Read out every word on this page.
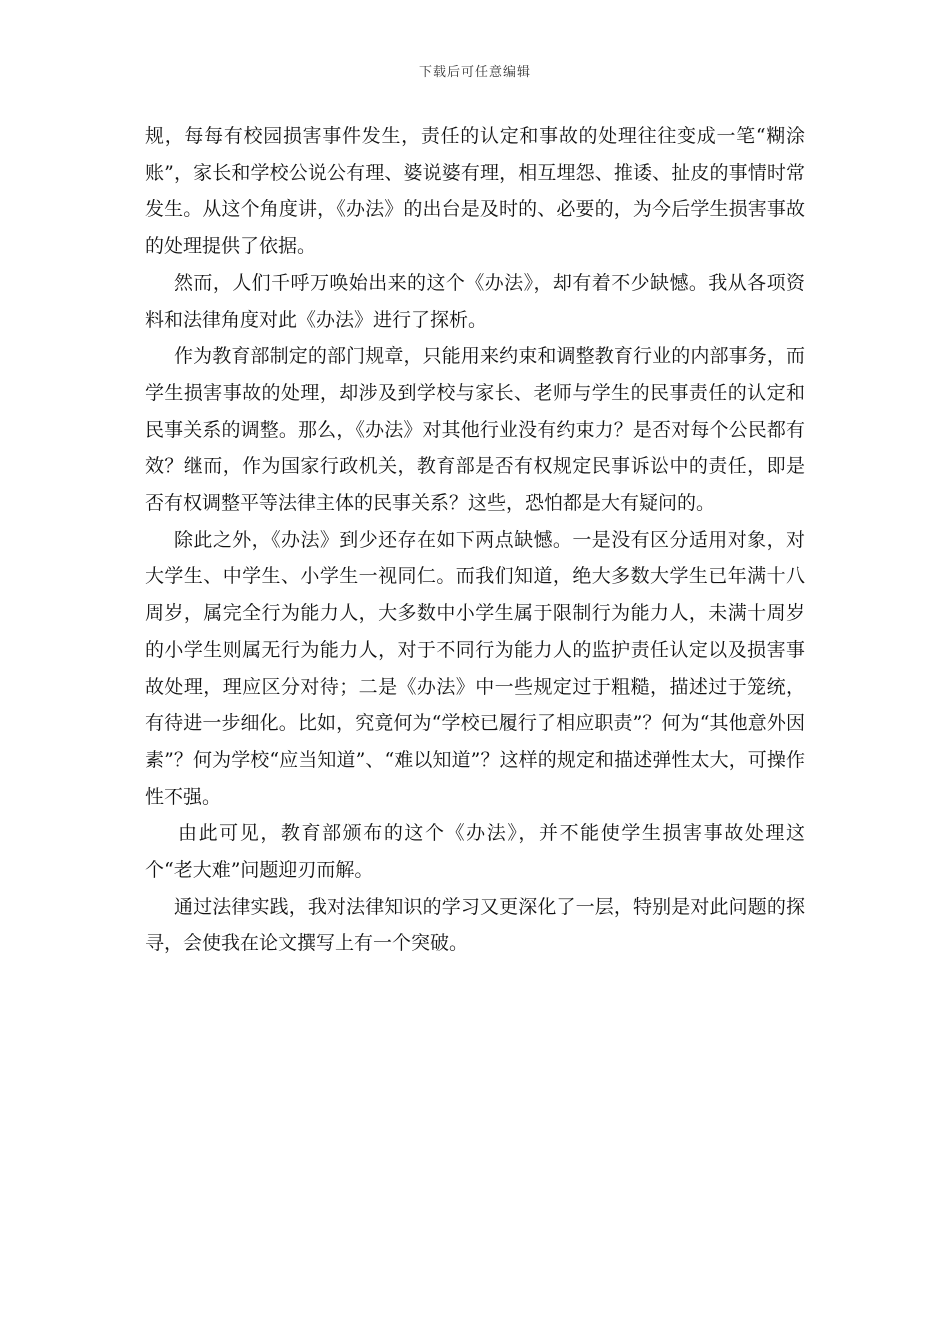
下载后可任意编辑

规，每每有校园损害事件发生，责任的认定和事故的处理往往变成一笔“糊涂账”，家长和学校公说公有理、婆说婆有理，相互埋怨、推诿、扯皮的事情时常发生。从这个角度讲，《办法》的出台是及时的、必要的，为今后学生损害事故的处理提供了依据。

然而，人们千呼万唤始出来的这个《办法》，却有着不少缺憾。我从各项资料和法律角度对此《办法》进行了探析。

作为教育部制定的部门规章，只能用来约束和调整教育行业的内部事务，而学生损害事故的处理，却涉及到学校与家长、老师与学生的民事责任的认定和民事关系的调整。那么，《办法》对其他行业没有约束力？是否对每个公民都有效？继而，作为国家行政机关，教育部是否有权规定民事诉讼中的责任，即是否有权调整平等法律主体的民事关系？这些，恐怕都是大有疑问的。

除此之外，《办法》到少还存在如下两点缺憾。一是没有区分适用对象，对大学生、中学生、小学生一视同仁。而我们知道，绝大多数大学生已年满十八周岁，属完全行为能力人，大多数中小学生属于限制行为能力人，未满十周岁的小学生则属无行为能力人，对于不同行为能力人的监护责任认定以及损害事故处理，理应区分对待；二是《办法》中一些规定过于粗糙，描述过于笼统，有待进一步细化。比如，究竟何为“学校已履行了相应职责”？何为“其他意外因素”？何为学校“应当知道”、“难以知道”？这样的规定和描述弹性太大，可操作性不强。

由此可见，教育部颁布的这个《办法》，并不能使学生损害事故处理这个“老大难”问题迎刃而解。

通过法律实践，我对法律知识的学习又更深化了一层，特别是对此问题的探寻，会使我在论文撰写上有一个突破。
